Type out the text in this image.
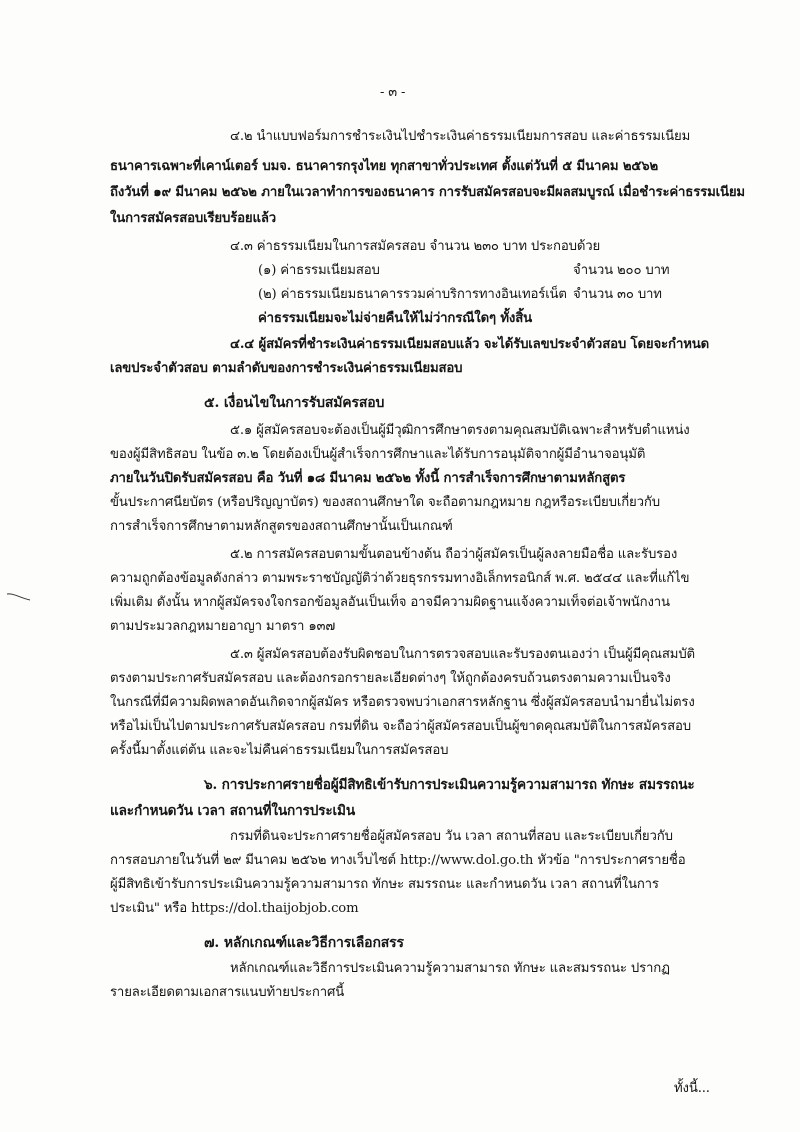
- ๓ -
๔.๒ นำแบบฟอร์มการชำระเงินไปชำระเงินค่าธรรมเนียมการสอบ และค่าธรรมเนียม
ธนาคารเฉพาะที่เคาน์เตอร์ บมจ. ธนาคารกรุงไทย ทุกสาขาทั่วประเทศ ตั้งแต่วันที่ ๕ มีนาคม ๒๕๖๒
ถึงวันที่ ๑๙ มีนาคม ๒๕๖๒ ภายในเวลาทำการของธนาคาร การรับสมัครสอบจะมีผลสมบูรณ์ เมื่อชำระค่าธรรมเนียม
ในการสมัครสอบเรียบร้อยแล้ว
๔.๓ ค่าธรรมเนียมในการสมัครสอบ จำนวน ๒๓๐ บาท ประกอบด้วย
(๑) ค่าธรรมเนียมสอบ	จำนวน ๒๐๐ บาท
(๒) ค่าธรรมเนียมธนาคารรวมค่าบริการทางอินเทอร์เน็ต จำนวน ๓๐ บาท
ค่าธรรมเนียมจะไม่จ่ายคืนให้ไม่ว่ากรณีใดๆ ทั้งสิ้น
๔.๔ ผู้สมัครที่ชำระเงินค่าธรรมเนียมสอบแล้ว จะได้รับเลขประจำตัวสอบ โดยจะกำหนด
เลขประจำตัวสอบ ตามลำดับของการชำระเงินค่าธรรมเนียมสอบ
๕. เงื่อนไขในการรับสมัครสอบ
๕.๑ ผู้สมัครสอบจะต้องเป็นผู้มีวุฒิการศึกษาตรงตามคุณสมบัติเฉพาะสำหรับตำแหน่ง
ของผู้มีสิทธิสอบ ในข้อ ๓.๒ โดยต้องเป็นผู้สำเร็จการศึกษาและได้รับการอนุมัติจากผู้มีอำนาจอนุมัติ
ภายในวันปิดรับสมัครสอบ คือ วันที่ ๑๘ มีนาคม ๒๕๖๒ ทั้งนี้ การสำเร็จการศึกษาตามหลักสูตร
ขั้นประกาศนียบัตร (หรือปริญญาบัตร) ของสถานศึกษาใด จะถือตามกฎหมาย กฎหรือระเบียบเกี่ยวกับ
การสำเร็จการศึกษาตามหลักสูตรของสถานศึกษานั้นเป็นเกณฑ์
๕.๒ การสมัครสอบตามขั้นตอนข้างต้น ถือว่าผู้สมัครเป็นผู้ลงลายมือชื่อ และรับรอง
ความถูกต้องข้อมูลดังกล่าว ตามพระราชบัญญัติว่าด้วยธุรกรรมทางอิเล็กทรอนิกส์ พ.ศ. ๒๕๔๔ และที่แก้ไข
เพิ่มเติม ดังนั้น หากผู้สมัครจงใจกรอกข้อมูลอันเป็นเท็จ อาจมีความผิดฐานแจ้งความเท็จต่อเจ้าพนักงาน
ตามประมวลกฎหมายอาญา มาตรา ๑๓๗
๕.๓ ผู้สมัครสอบต้องรับผิดชอบในการตรวจสอบและรับรองตนเองว่า เป็นผู้มีคุณสมบัติ
ตรงตามประกาศรับสมัครสอบ และต้องกรอกรายละเอียดต่างๆ ให้ถูกต้องครบถ้วนตรงตามความเป็นจริง
ในกรณีที่มีความผิดพลาดอันเกิดจากผู้สมัคร หรือตรวจพบว่าเอกสารหลักฐาน ซึ่งผู้สมัครสอบนำมายื่นไม่ตรง
หรือไม่เป็นไปตามประกาศรับสมัครสอบ กรมที่ดิน จะถือว่าผู้สมัครสอบเป็นผู้ขาดคุณสมบัติในการสมัครสอบ
ครั้งนี้มาตั้งแต่ต้น และจะไม่คืนค่าธรรมเนียมในการสมัครสอบ
๖. การประกาศรายชื่อผู้มีสิทธิเข้ารับการประเมินความรู้ความสามารถ ทักษะ สมรรถนะ
และกำหนดวัน เวลา สถานที่ในการประเมิน
กรมที่ดินจะประกาศรายชื่อผู้สมัครสอบ วัน เวลา สถานที่สอบ และระเบียบเกี่ยวกับ
การสอบภายในวันที่ ๒๙ มีนาคม ๒๕๖๒ ทางเว็บไซต์ http://www.dol.go.th หัวข้อ "การประกาศรายชื่อ
ผู้มีสิทธิเข้ารับการประเมินความรู้ความสามารถ ทักษะ สมรรถนะ และกำหนดวัน เวลา สถานที่ในการ
ประเมิน" หรือ https://dol.thaijobjob.com
๗. หลักเกณฑ์และวิธีการเลือกสรร
หลักเกณฑ์และวิธีการประเมินความรู้ความสามารถ ทักษะ และสมรรถนะ ปรากฏ
รายละเอียดตามเอกสารแนบท้ายประกาศนี้
ทั้งนี้...
